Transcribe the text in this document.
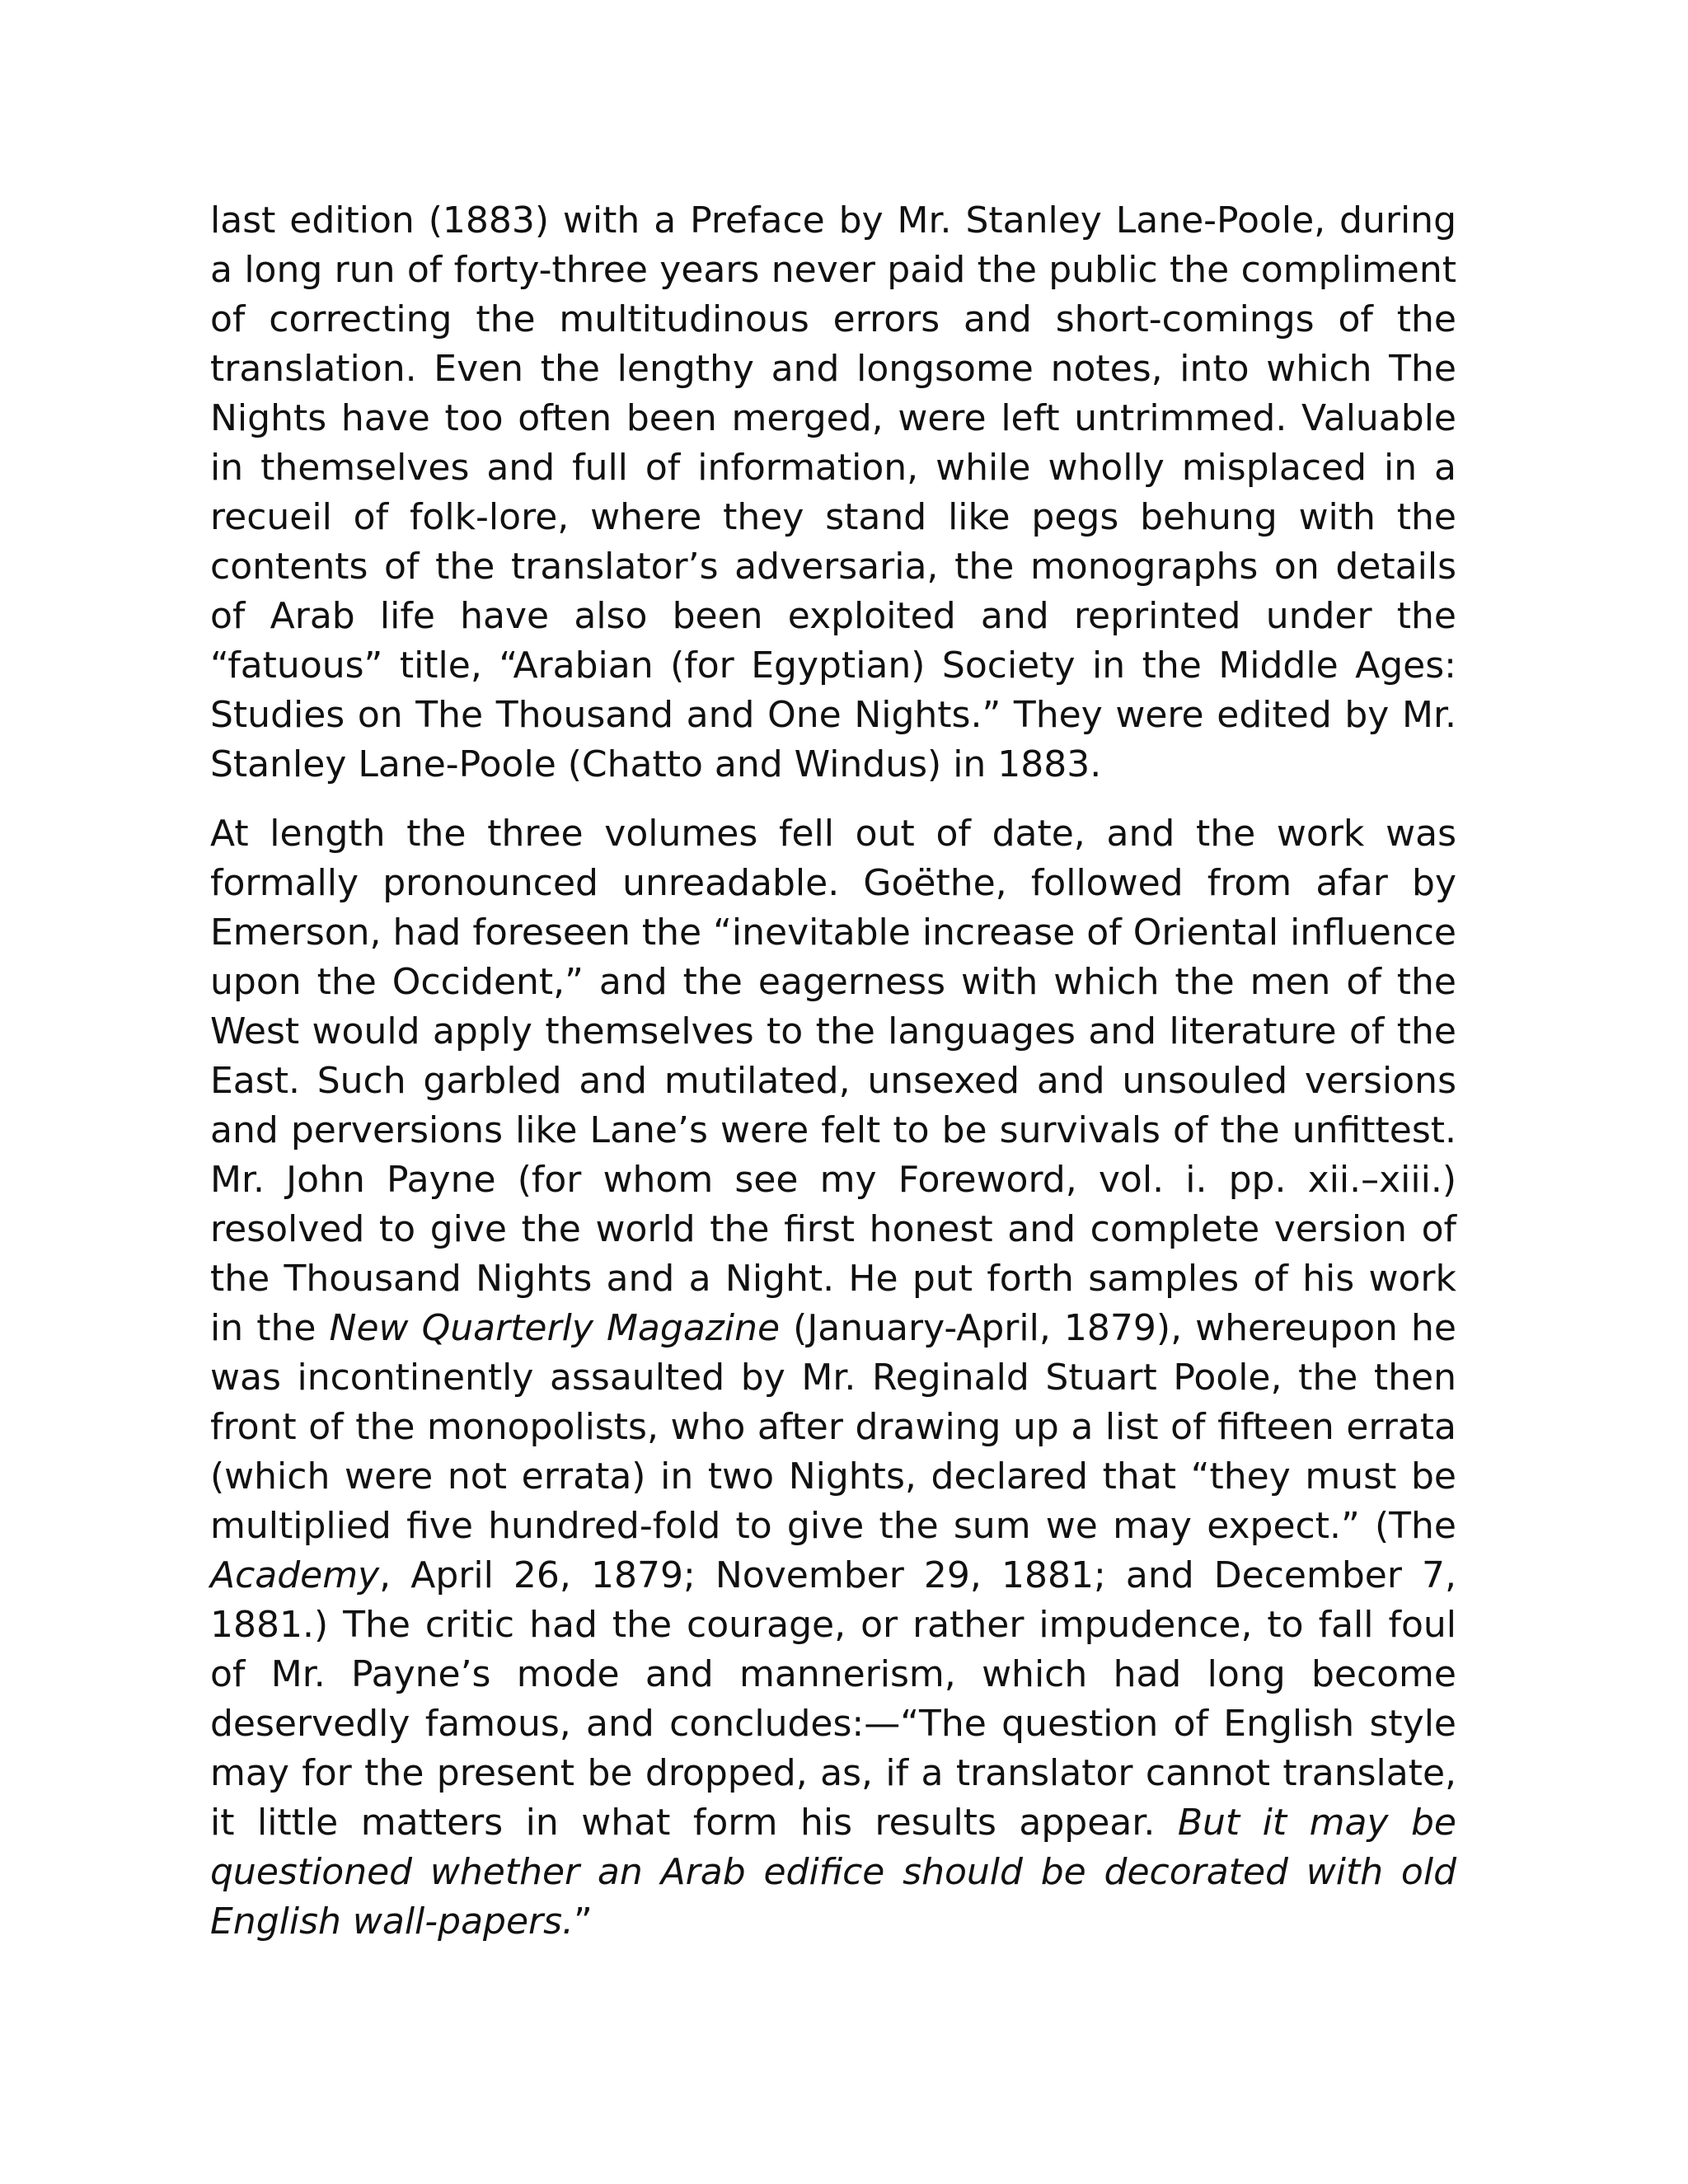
last edition (1883) with a Preface by Mr. Stanley Lane-Poole, during a long run of forty-three years never paid the public the compliment of correcting the multitudinous errors and short-comings of the translation. Even the lengthy and longsome notes, into which The Nights have too often been merged, were left untrimmed. Valuable in themselves and full of information, while wholly misplaced in a recueil of folk-lore, where they stand like pegs behung with the contents of the translator’s adversaria, the monographs on details of Arab life have also been exploited and reprinted under the “fatuous” title, “Arabian (for Egyptian) Society in the Middle Ages: Studies on The Thousand and One Nights.” They were edited by Mr. Stanley Lane-Poole (Chatto and Windus) in 1883.

At length the three volumes fell out of date, and the work was formally pronounced unreadable. Goëthe, followed from afar by Emerson, had foreseen the “inevitable increase of Oriental influence upon the Occident,” and the eagerness with which the men of the West would apply themselves to the languages and literature of the East. Such garbled and mutilated, unsexed and unsouled versions and perversions like Lane’s were felt to be survivals of the unfittest. Mr. John Payne (for whom see my Foreword, vol. i. pp. xii.–xiii.) resolved to give the world the first honest and complete version of the Thousand Nights and a Night. He put forth samples of his work in the New Quarterly Magazine (January-April, 1879), whereupon he was incontinently assaulted by Mr. Reginald Stuart Poole, the then front of the monopolists, who after drawing up a list of fifteen errata (which were not errata) in two Nights, declared that “they must be multiplied five hundred-fold to give the sum we may expect.” (The Academy, April 26, 1879; November 29, 1881; and December 7, 1881.) The critic had the courage, or rather impudence, to fall foul of Mr. Payne’s mode and mannerism, which had long become deservedly famous, and concludes:—“The question of English style may for the present be dropped, as, if a translator cannot translate, it little matters in what form his results appear. But it may be questioned whether an Arab edifice should be decorated with old English wall-papers.”
